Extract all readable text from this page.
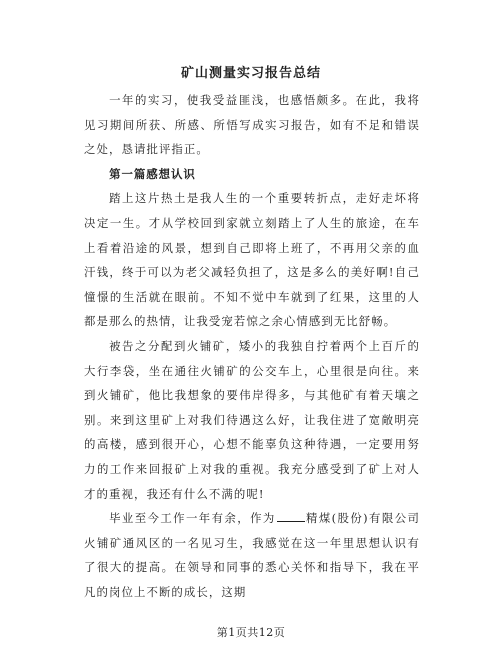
矿山测量实习报告总结

一年的实习，使我受益匪浅，也感悟颇多。在此，我将见习期间所获、所感、所悟写成实习报告，如有不足和错误之处，恳请批评指正。

第一篇感想认识

踏上这片热土是我人生的一个重要转折点，走好走坏将决定一生。才从学校回到家就立刻踏上了人生的旅途，在车上看着沿途的风景，想到自己即将上班了，不再用父亲的血汗钱，终于可以为老父减轻负担了，这是多么的美好啊!自己憧憬的生活就在眼前。不知不觉中车就到了红果，这里的人都是那么的热情，让我受宠若惊之余心情感到无比舒畅。

被告之分配到火铺矿，矮小的我独自拧着两个上百斤的大行李袋，坐在通往火铺矿的公交车上，心里很是向往。来到火铺矿，他比我想象的要伟岸得多，与其他矿有着天壤之别。来到这里矿上对我们待遇这么好，让我住进了宽敞明亮的高楼，感到很开心，心想不能辜负这种待遇，一定要用努力的工作来回报矿上对我的重视。我充分感受到了矿上对人才的重视，我还有什么不满的呢!

毕业至今工作一年有余，作为	精煤(股份)有限公司火铺矿通风区的一名见习生，我感觉在这一年里思想认识有了很大的提高。在领导和同事的悉心关怀和指导下，我在平凡的岗位上不断的成长，这期

第1页共12页
